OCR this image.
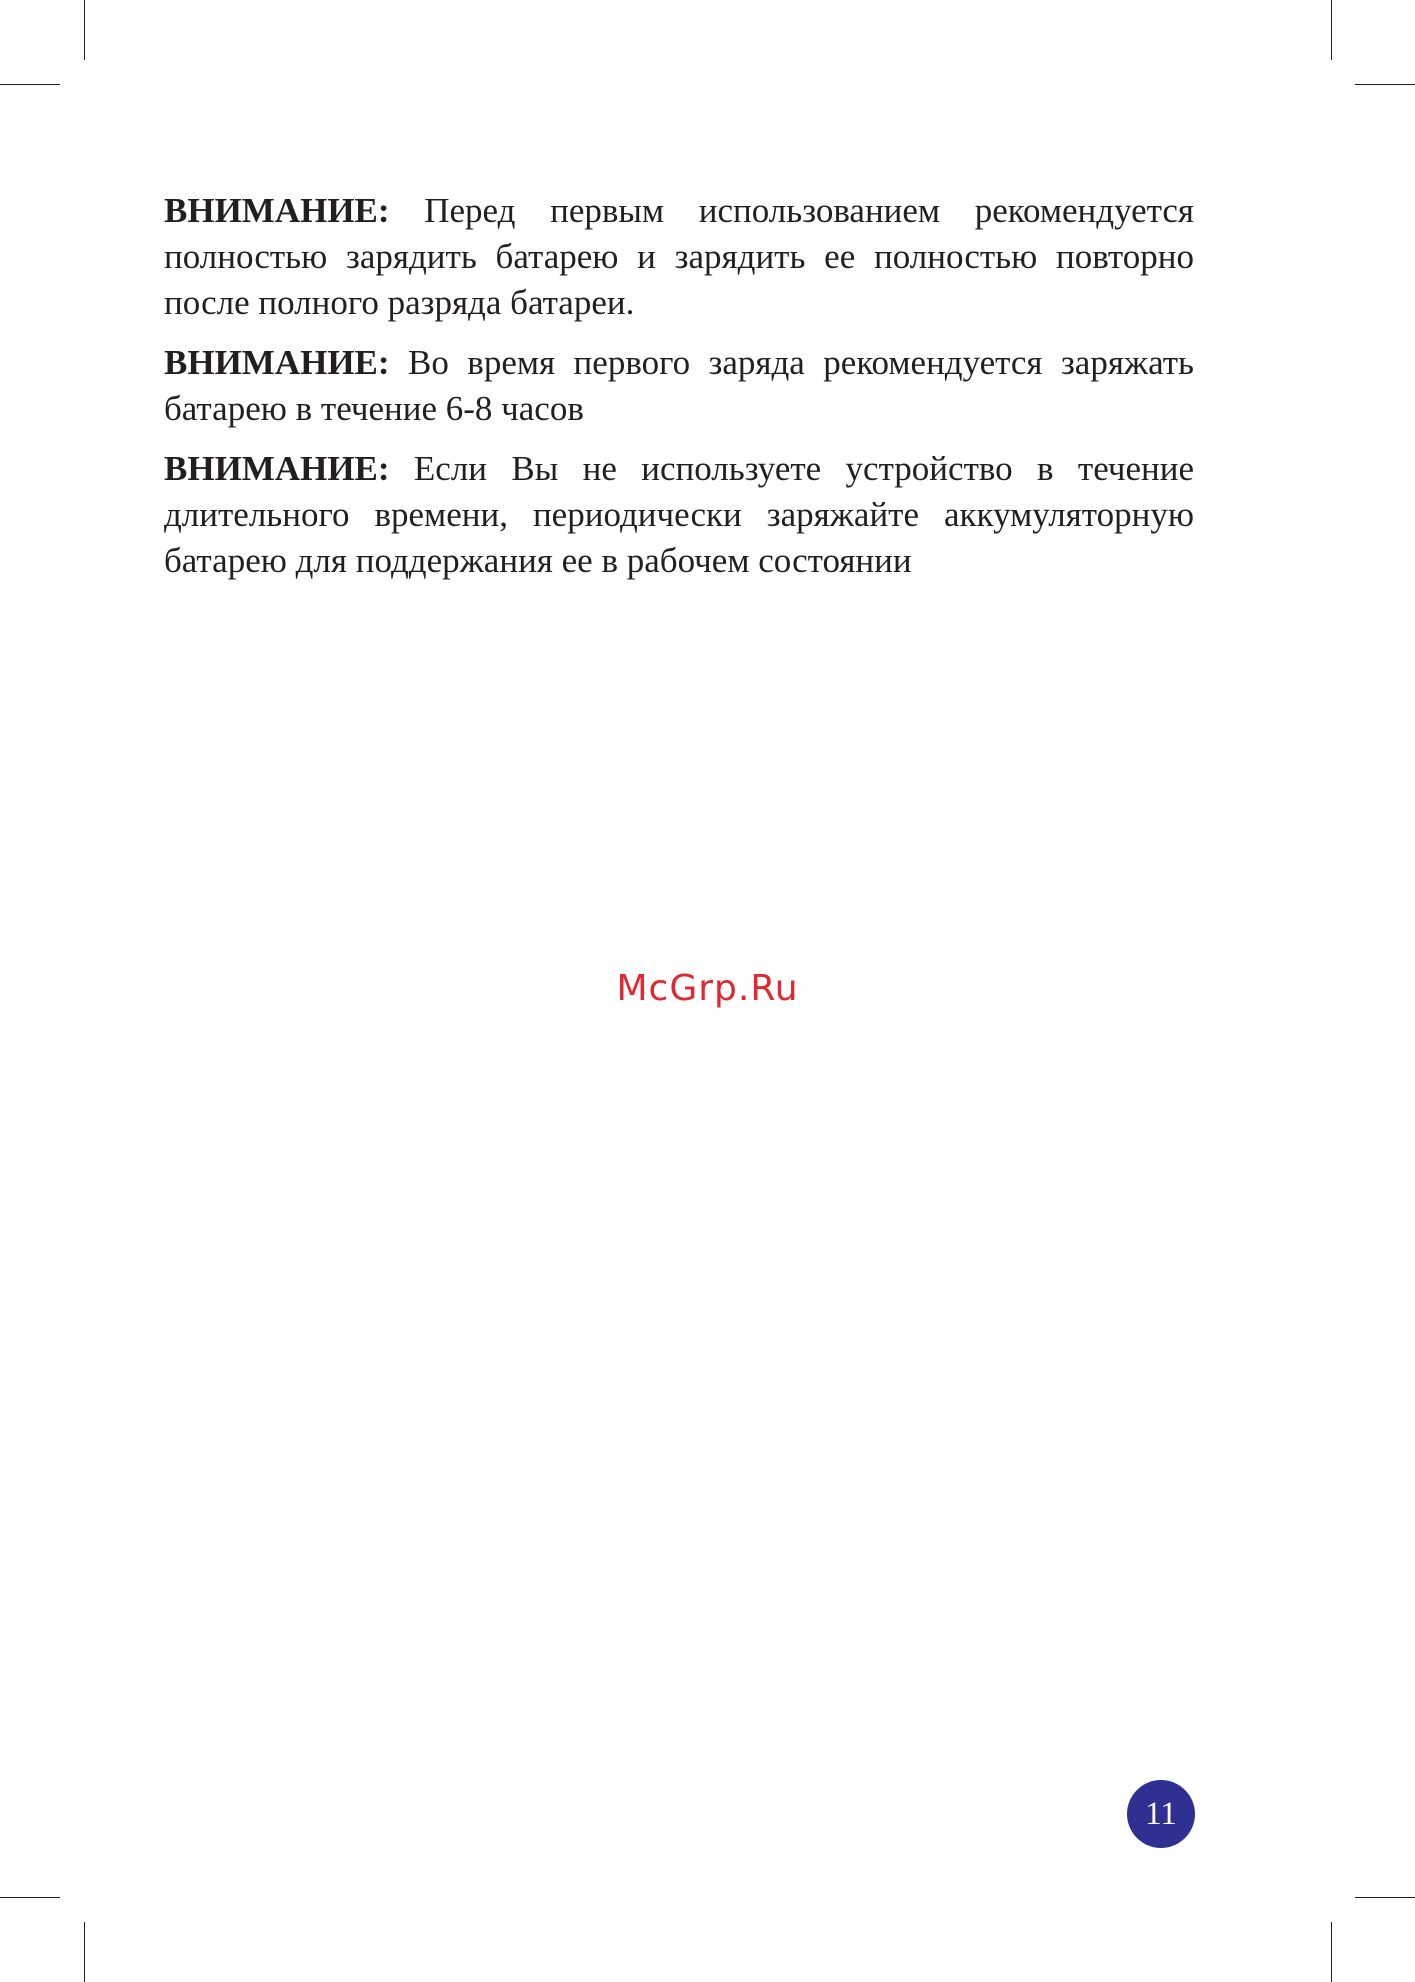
ВНИМАНИЕ: Перед первым использованием рекомендуется полностью зарядить батарею и зарядить ее полностью повторно после полного разряда батареи.

ВНИМАНИЕ: Во время первого заряда рекомендуется заряжать батарею в течение 6-8 часов

ВНИМАНИЕ: Если Вы не используете устройство в течение длительного времени, периодически заряжайте аккумуляторную батарею для поддержания ее в рабочем состоянии

McGrp.Ru
11
